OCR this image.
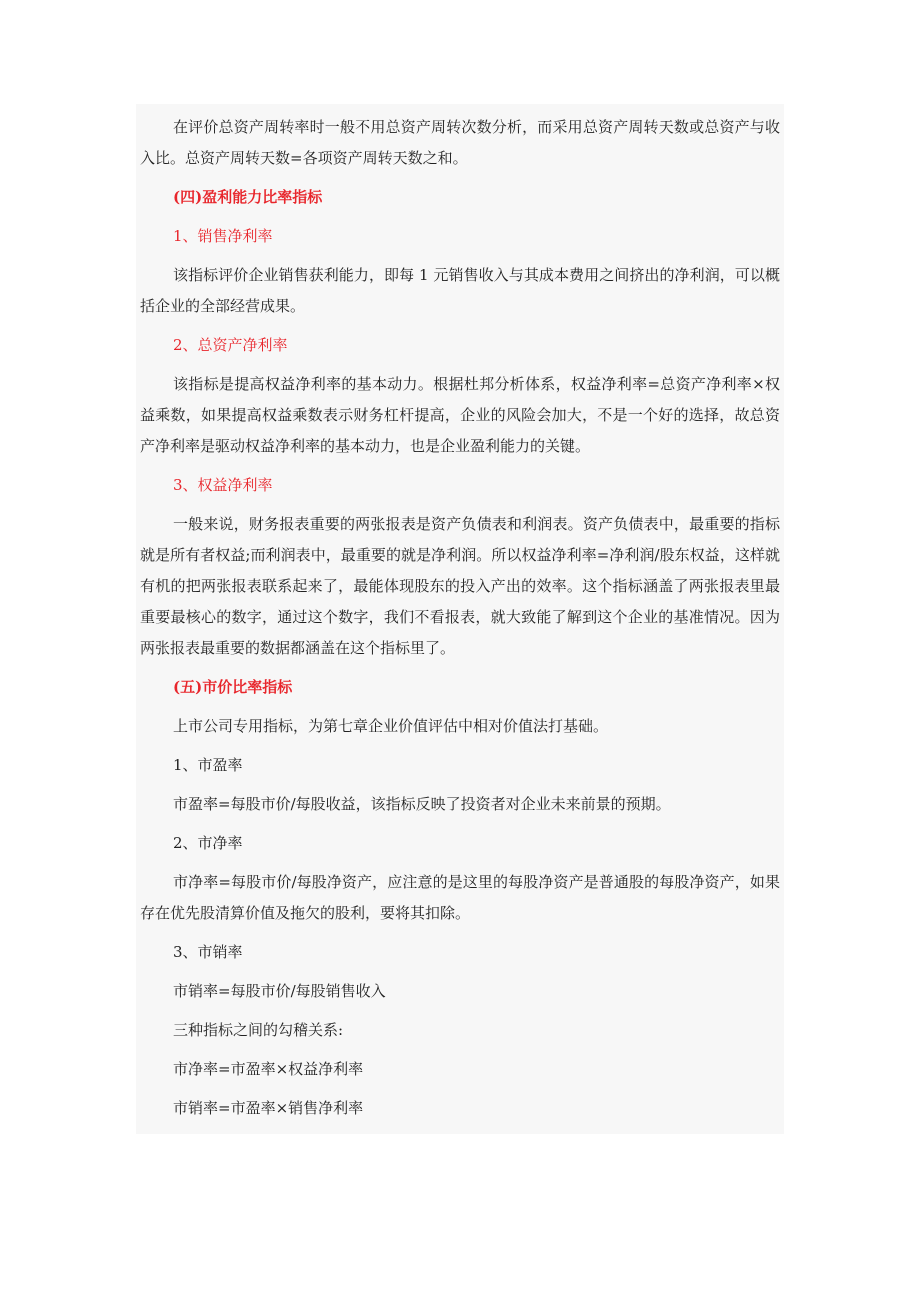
在评价总资产周转率时一般不用总资产周转次数分析，而采用总资产周转天数或总资产与收入比。总资产周转天数=各项资产周转天数之和。

(四)盈利能力比率指标

1、销售净利率

该指标评价企业销售获利能力，即每 1 元销售收入与其成本费用之间挤出的净利润，可以概括企业的全部经营成果。

2、总资产净利率

该指标是提高权益净利率的基本动力。根据杜邦分析体系，权益净利率=总资产净利率×权益乘数，如果提高权益乘数表示财务杠杆提高，企业的风险会加大，不是一个好的选择，故总资产净利率是驱动权益净利率的基本动力，也是企业盈利能力的关键。

3、权益净利率

一般来说，财务报表重要的两张报表是资产负债表和利润表。资产负债表中，最重要的指标就是所有者权益;而利润表中，最重要的就是净利润。所以权益净利率=净利润/股东权益，这样就有机的把两张报表联系起来了，最能体现股东的投入产出的效率。这个指标涵盖了两张报表里最重要最核心的数字，通过这个数字，我们不看报表，就大致能了解到这个企业的基准情况。因为两张报表最重要的数据都涵盖在这个指标里了。

(五)市价比率指标

上市公司专用指标，为第七章企业价值评估中相对价值法打基础。

1、市盈率

市盈率=每股市价/每股收益，该指标反映了投资者对企业未来前景的预期。

2、市净率

市净率=每股市价/每股净资产，应注意的是这里的每股净资产是普通股的每股净资产，如果存在优先股清算价值及拖欠的股利，要将其扣除。

3、市销率

市销率=每股市价/每股销售收入

三种指标之间的勾稽关系:

市净率=市盈率×权益净利率

市销率=市盈率×销售净利率
